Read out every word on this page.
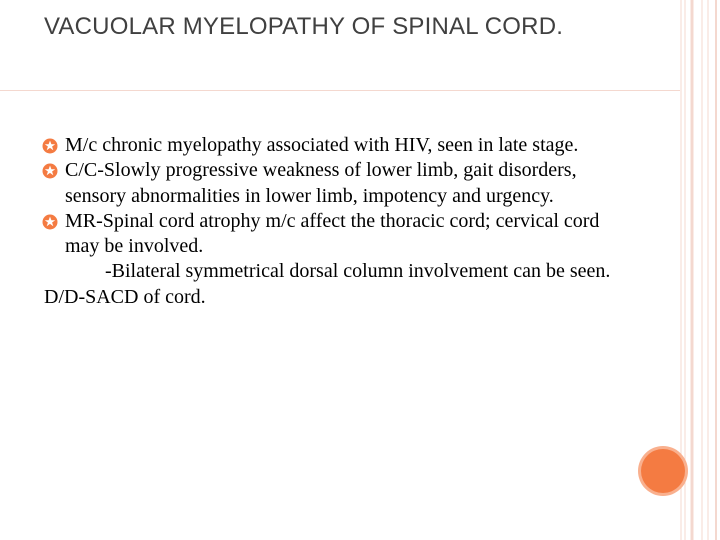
VACUOLAR MYELOPATHY OF SPINAL CORD.
M/c chronic myelopathy associated with HIV, seen in late stage.
C/C-Slowly progressive weakness of lower limb, gait disorders, sensory abnormalities in lower limb, impotency and urgency.
MR-Spinal cord atrophy m/c affect the thoracic cord; cervical cord may be involved.
-Bilateral symmetrical dorsal column involvement can be seen.
D/D-SACD of cord.
